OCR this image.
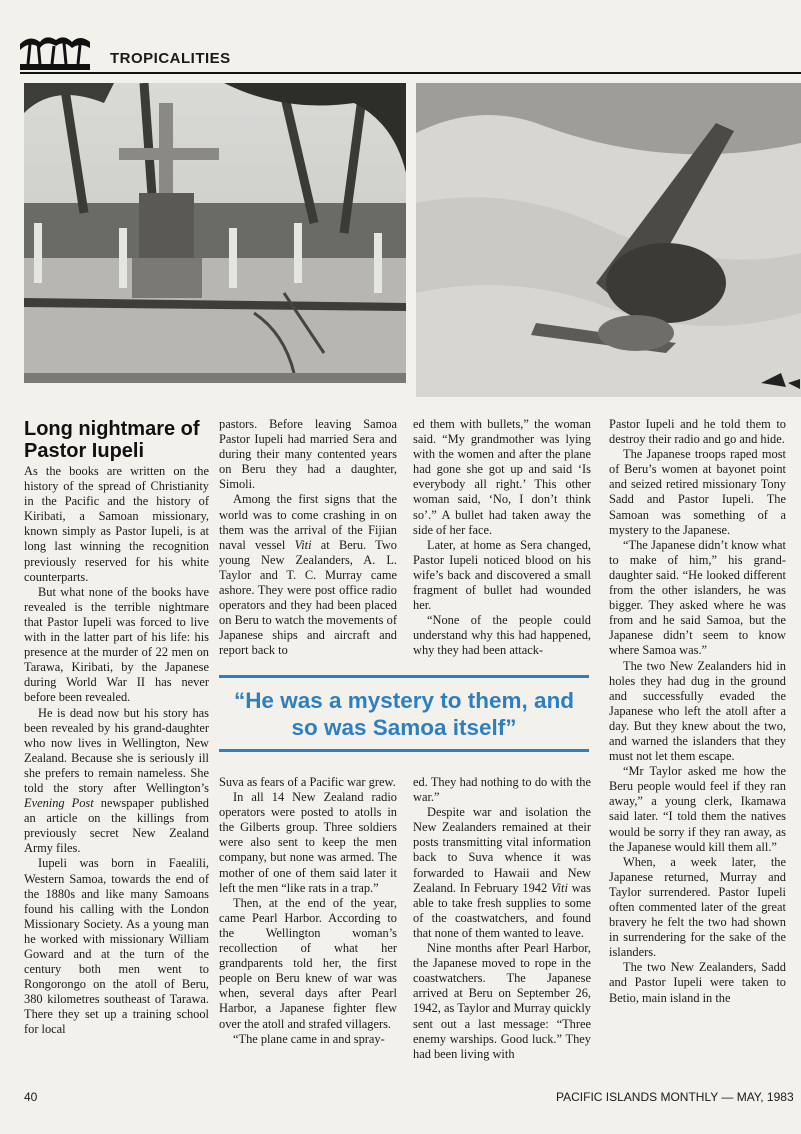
TROPICALITIES
Long nightmare of Pastor Iupeli

As the books are written on the history of the spread of Christianity in the Pacific and the history of Kiribati, a Samoan missionary, known simply as Pastor Iupeli, is at long last winning the recognition previously reserved for his white counterparts.

But what none of the books have revealed is the terrible nightmare that Pastor Iupeli was forced to live with in the latter part of his life: his presence at the murder of 22 men on Tarawa, Kiribati, by the Japanese during World War II has never before been revealed.

He is dead now but his story has been revealed by his grand-daughter who now lives in Wellington, New Zealand. Because she is seriously ill she prefers to remain nameless. She told the story after Wellington’s Evening Post newspaper published an article on the killings from previously secret New Zealand Army files.

Iupeli was born in Faealili, Western Samoa, towards the end of the 1880s and like many Samoans found his calling with the London Missionary Society. As a young man he worked with missionary William Goward and at the turn of the century both men went to Rongorongo on the atoll of Beru, 380 kilometres southeast of Tarawa. There they set up a training school for local

pastors. Before leaving Samoa Pastor Iupeli had married Sera and during their many contented years on Beru they had a daughter, Simoli.

Among the first signs that the world was to come crashing in on them was the arrival of the Fijian naval vessel Viti at Beru. Two young New Zealanders, A. L. Taylor and T. C. Murray came ashore. They were post office radio operators and they had been placed on Beru to watch the movements of Japanese ships and aircraft and report back to

ed them with bullets,” the woman said. “My grandmother was lying with the women and after the plane had gone she got up and said ‘Is everybody all right.’ This other woman said, ‘No, I don’t think so’.” A bullet had taken away the side of her face.

Later, at home as Sera changed, Pastor Iupeli noticed blood on his wife’s back and discovered a small fragment of bullet had wounded her.

“None of the people could understand why this had happened, why they had been attack-

“He was a mystery to them, and so was Samoa itself”

Suva as fears of a Pacific war grew.

In all 14 New Zealand radio operators were posted to atolls in the Gilberts group. Three soldiers were also sent to keep the men company, but none was armed. The mother of one of them said later it left the men “like rats in a trap.”

Then, at the end of the year, came Pearl Harbor. According to the Wellington woman’s recollection of what her grandparents told her, the first people on Beru knew of war was when, several days after Pearl Harbor, a Japanese fighter flew over the atoll and strafed villagers.

“The plane came in and spray-

ed. They had nothing to do with the war.”

Despite war and isolation the New Zealanders remained at their posts transmitting vital information back to Suva whence it was forwarded to Hawaii and New Zealand. In February 1942 Viti was able to take fresh supplies to some of the coastwatchers, and found that none of them wanted to leave.

Nine months after Pearl Harbor, the Japanese moved to rope in the coastwatchers. The Japanese arrived at Beru on September 26, 1942, as Taylor and Murray quickly sent out a last message: “Three enemy warships. Good luck.” They had been living with

Pastor Iupeli and he told them to destroy their radio and go and hide.

The Japanese troops raped most of Beru’s women at bayonet point and seized retired missionary Tony Sadd and Pastor Iupeli. The Samoan was something of a mystery to the Japanese.

“The Japanese didn’t know what to make of him,” his grand-daughter said. “He looked different from the other islanders, he was bigger. They asked where he was from and he said Samoa, but the Japanese didn’t seem to know where Samoa was.”

The two New Zealanders hid in holes they had dug in the ground and successfully evaded the Japanese who left the atoll after a day. But they knew about the two, and warned the islanders that they must not let them escape.

“Mr Taylor asked me how the Beru people would feel if they ran away,” a young clerk, Ikamawa said later. “I told them the natives would be sorry if they ran away, as the Japanese would kill them all.”

When, a week later, the Japanese returned, Murray and Taylor surrendered. Pastor Iupeli often commented later of the great bravery he felt the two had shown in surrendering for the sake of the islanders.

The two New Zealanders, Sadd and Pastor Iupeli were taken to Betio, main island in the

40	PACIFIC ISLANDS MONTHLY — MAY, 1983
